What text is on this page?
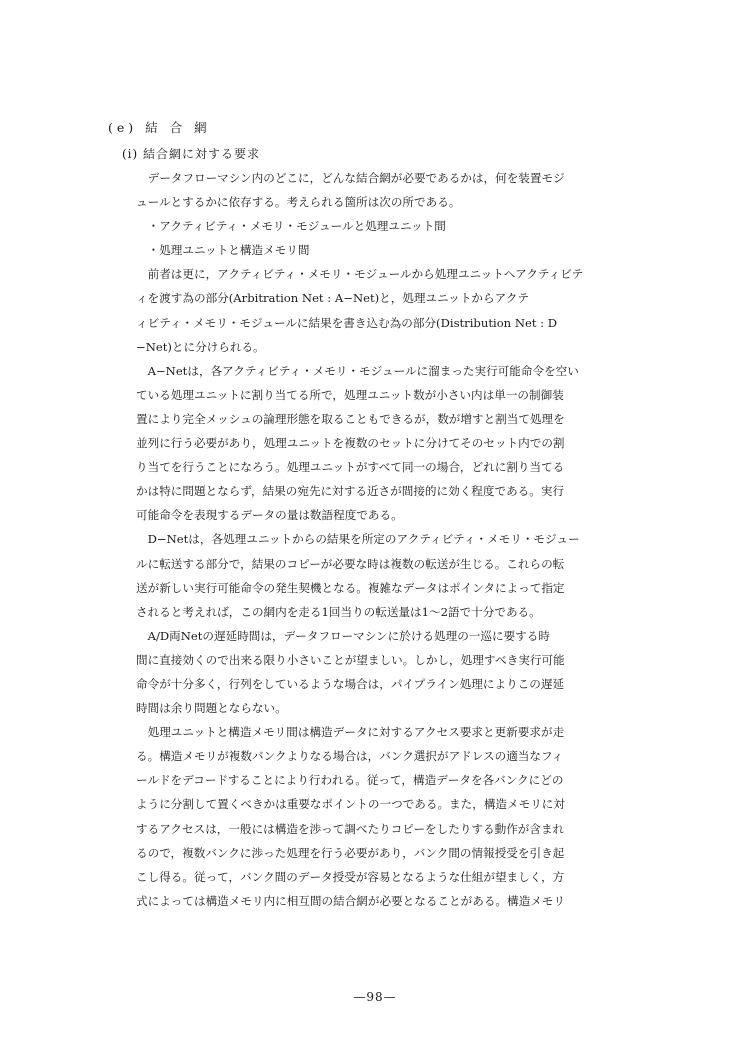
(e) 結 合 網
(i) 結合網に対する要求
　データフローマシン内のどこに，どんな結合網が必要であるかは，何を装置モジ
ュールとするかに依存する。考えられる箇所は次の所である。
　・アクティビティ・メモリ・モジュールと処理ユニット間
　・処理ユニットと構造メモリ間
　前者は更に，アクティビティ・メモリ・モジュールから処理ユニットへアクティビテ
ィを渡す為の部分(Arbitration Net : A−Net)と，処理ユニットからアクテ
ィビティ・メモリ・モジュールに結果を書き込む為の部分(Distribution Net : D
−Net)とに分けられる。
　A−Netは，各アクティビティ・メモリ・モジュールに溜まった実行可能命令を空い
ている処理ユニットに割り当てる所で，処理ユニット数が小さい内は単一の制御装
置により完全メッシュの論理形態を取ることもできるが，数が増すと割当て処理を
並列に行う必要があり，処理ユニットを複数のセットに分けてそのセット内での割
り当てを行うことになろう。処理ユニットがすべて同一の場合，どれに割り当てる
かは特に問題とならず，結果の宛先に対する近さが間接的に効く程度である。実行
可能命令を表現するデータの量は数語程度である。
　D−Netは，各処理ユニットからの結果を所定のアクティビティ・メモリ・モジュー
ルに転送する部分で，結果のコピーが必要な時は複数の転送が生じる。これらの転
送が新しい実行可能命令の発生契機となる。複雑なデータはポインタによって指定
されると考えれば，この網内を走る1回当りの転送量は1〜2語で十分である。
　A/D両Netの遅延時間は，データフローマシンに於ける処理の一巡に要する時
間に直接効くので出来る限り小さいことが望ましい。しかし，処理すべき実行可能
命令が十分多く，行列をしているような場合は，パイプライン処理によりこの遅延
時間は余り問題とならない。
　処理ユニットと構造メモリ間は構造データに対するアクセス要求と更新要求が走
る。構造メモリが複数バンクよりなる場合は，バンク選択がアドレスの適当なフィ
ールドをデコードすることにより行われる。従って，構造データを各バンクにどの
ように分割して置くべきかは重要なポイントの一つである。また，構造メモリに対
するアクセスは，一般には構造を渉って調べたりコピーをしたりする動作が含まれ
るので，複数バンクに渉った処理を行う必要があり，バンク間の情報授受を引き起
こし得る。従って，バンク間のデータ授受が容易となるような仕組が望ましく，方
式によっては構造メモリ内に相互間の結合網が必要となることがある。構造メモリ
—98—
